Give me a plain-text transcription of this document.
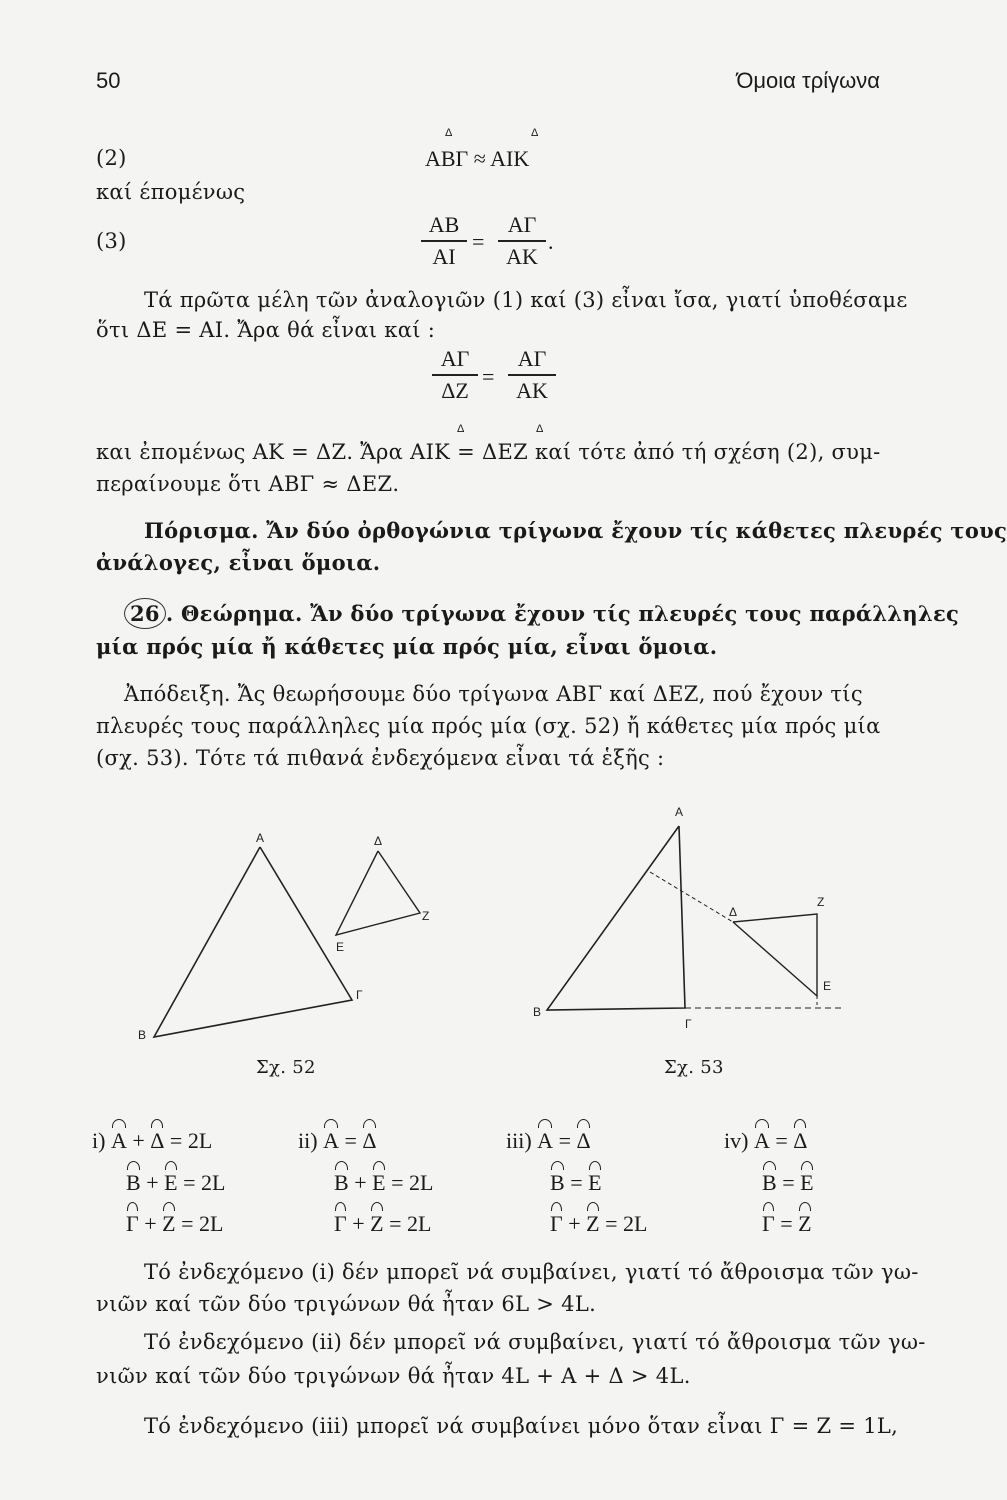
50	Όμοια τρίγωνα
(2)	ΑΒΓ ≈ ΑΙΚ
Δ	Δ
καί έπομένως
(3)
ΑΒ
ΑΙ
=
ΑΓ
ΑΚ
.
Τά πρῶτα μέλη τῶν ἀναλογιῶν (1) καί (3) εἶναι ἴσα, γιατί ὑποθέσαμε
ὅτι ΔΕ = ΑΙ. Ἄρα θά εἶναι καί :
ΑΓ
ΔΖ
=
ΑΓ
ΑΚ
Δ	Δ
και ἐπομένως ΑΚ = ΔΖ. Ἄρα ΑΙΚ = ΔΕΖ καί τότε ἀπό τή σχέση (2), συμ-
περαίνουμε ὅτι ΑΒΓ ≈ ΔΕΖ.
Πόρισμα. Ἄν δύο ὀρθογώνια τρίγωνα ἔχουν τίς κάθετες πλευρές τους
ἀνάλογες, εἶναι ὅμοια.
26 . Θεώρημα. Ἄν δύο τρίγωνα ἔχουν τίς πλευρές τους παράλληλες
μία πρός μία ἤ κάθετες μία πρός μία, εἶναι ὅμοια.
Ἀπόδειξη. Ἄς θεωρήσουμε δύο τρίγωνα ΑΒΓ καί ΔΕΖ, πού ἔχουν τίς
πλευρές τους παράλληλες μία πρός μία (σχ. 52) ἤ κάθετες μία πρός μία
(σχ. 53). Τότε τά πιθανά ἐνδεχόμενα εἶναι τά ἑξῆς :
Α
Β
Γ
Δ
Ε
Ζ
Σχ. 52
Α
Β
Γ
Δ
Ε
Ζ
Σχ. 53
i) Α + Δ = 2L
Β + Ε = 2L
Γ + Ζ = 2L
ii) Α = Δ
Β + Ε = 2L
Γ + Ζ = 2L
iii) Α = Δ
Β = Ε
Γ + Ζ = 2L
iv) Α = Δ
Β = Ε
Γ = Ζ
Τό ἐνδεχόμενο (i) δέν μπορεῖ νά συμβαίνει, γιατί τό ἄθροισμα τῶν γω-
νιῶν καί τῶν δύο τριγώνων θά ἦταν 6L > 4L.
Τό ἐνδεχόμενο (ii) δέν μπορεῖ νά συμβαίνει, γιατί τό ἄθροισμα τῶν γω-
νιῶν καί τῶν δύο τριγώνων θά ἦταν 4L + Α + Δ > 4L.
Τό ἐνδεχόμενο (iii) μπορεῖ νά συμβαίνει μόνο ὅταν εἶναι Γ = Ζ = 1L,
